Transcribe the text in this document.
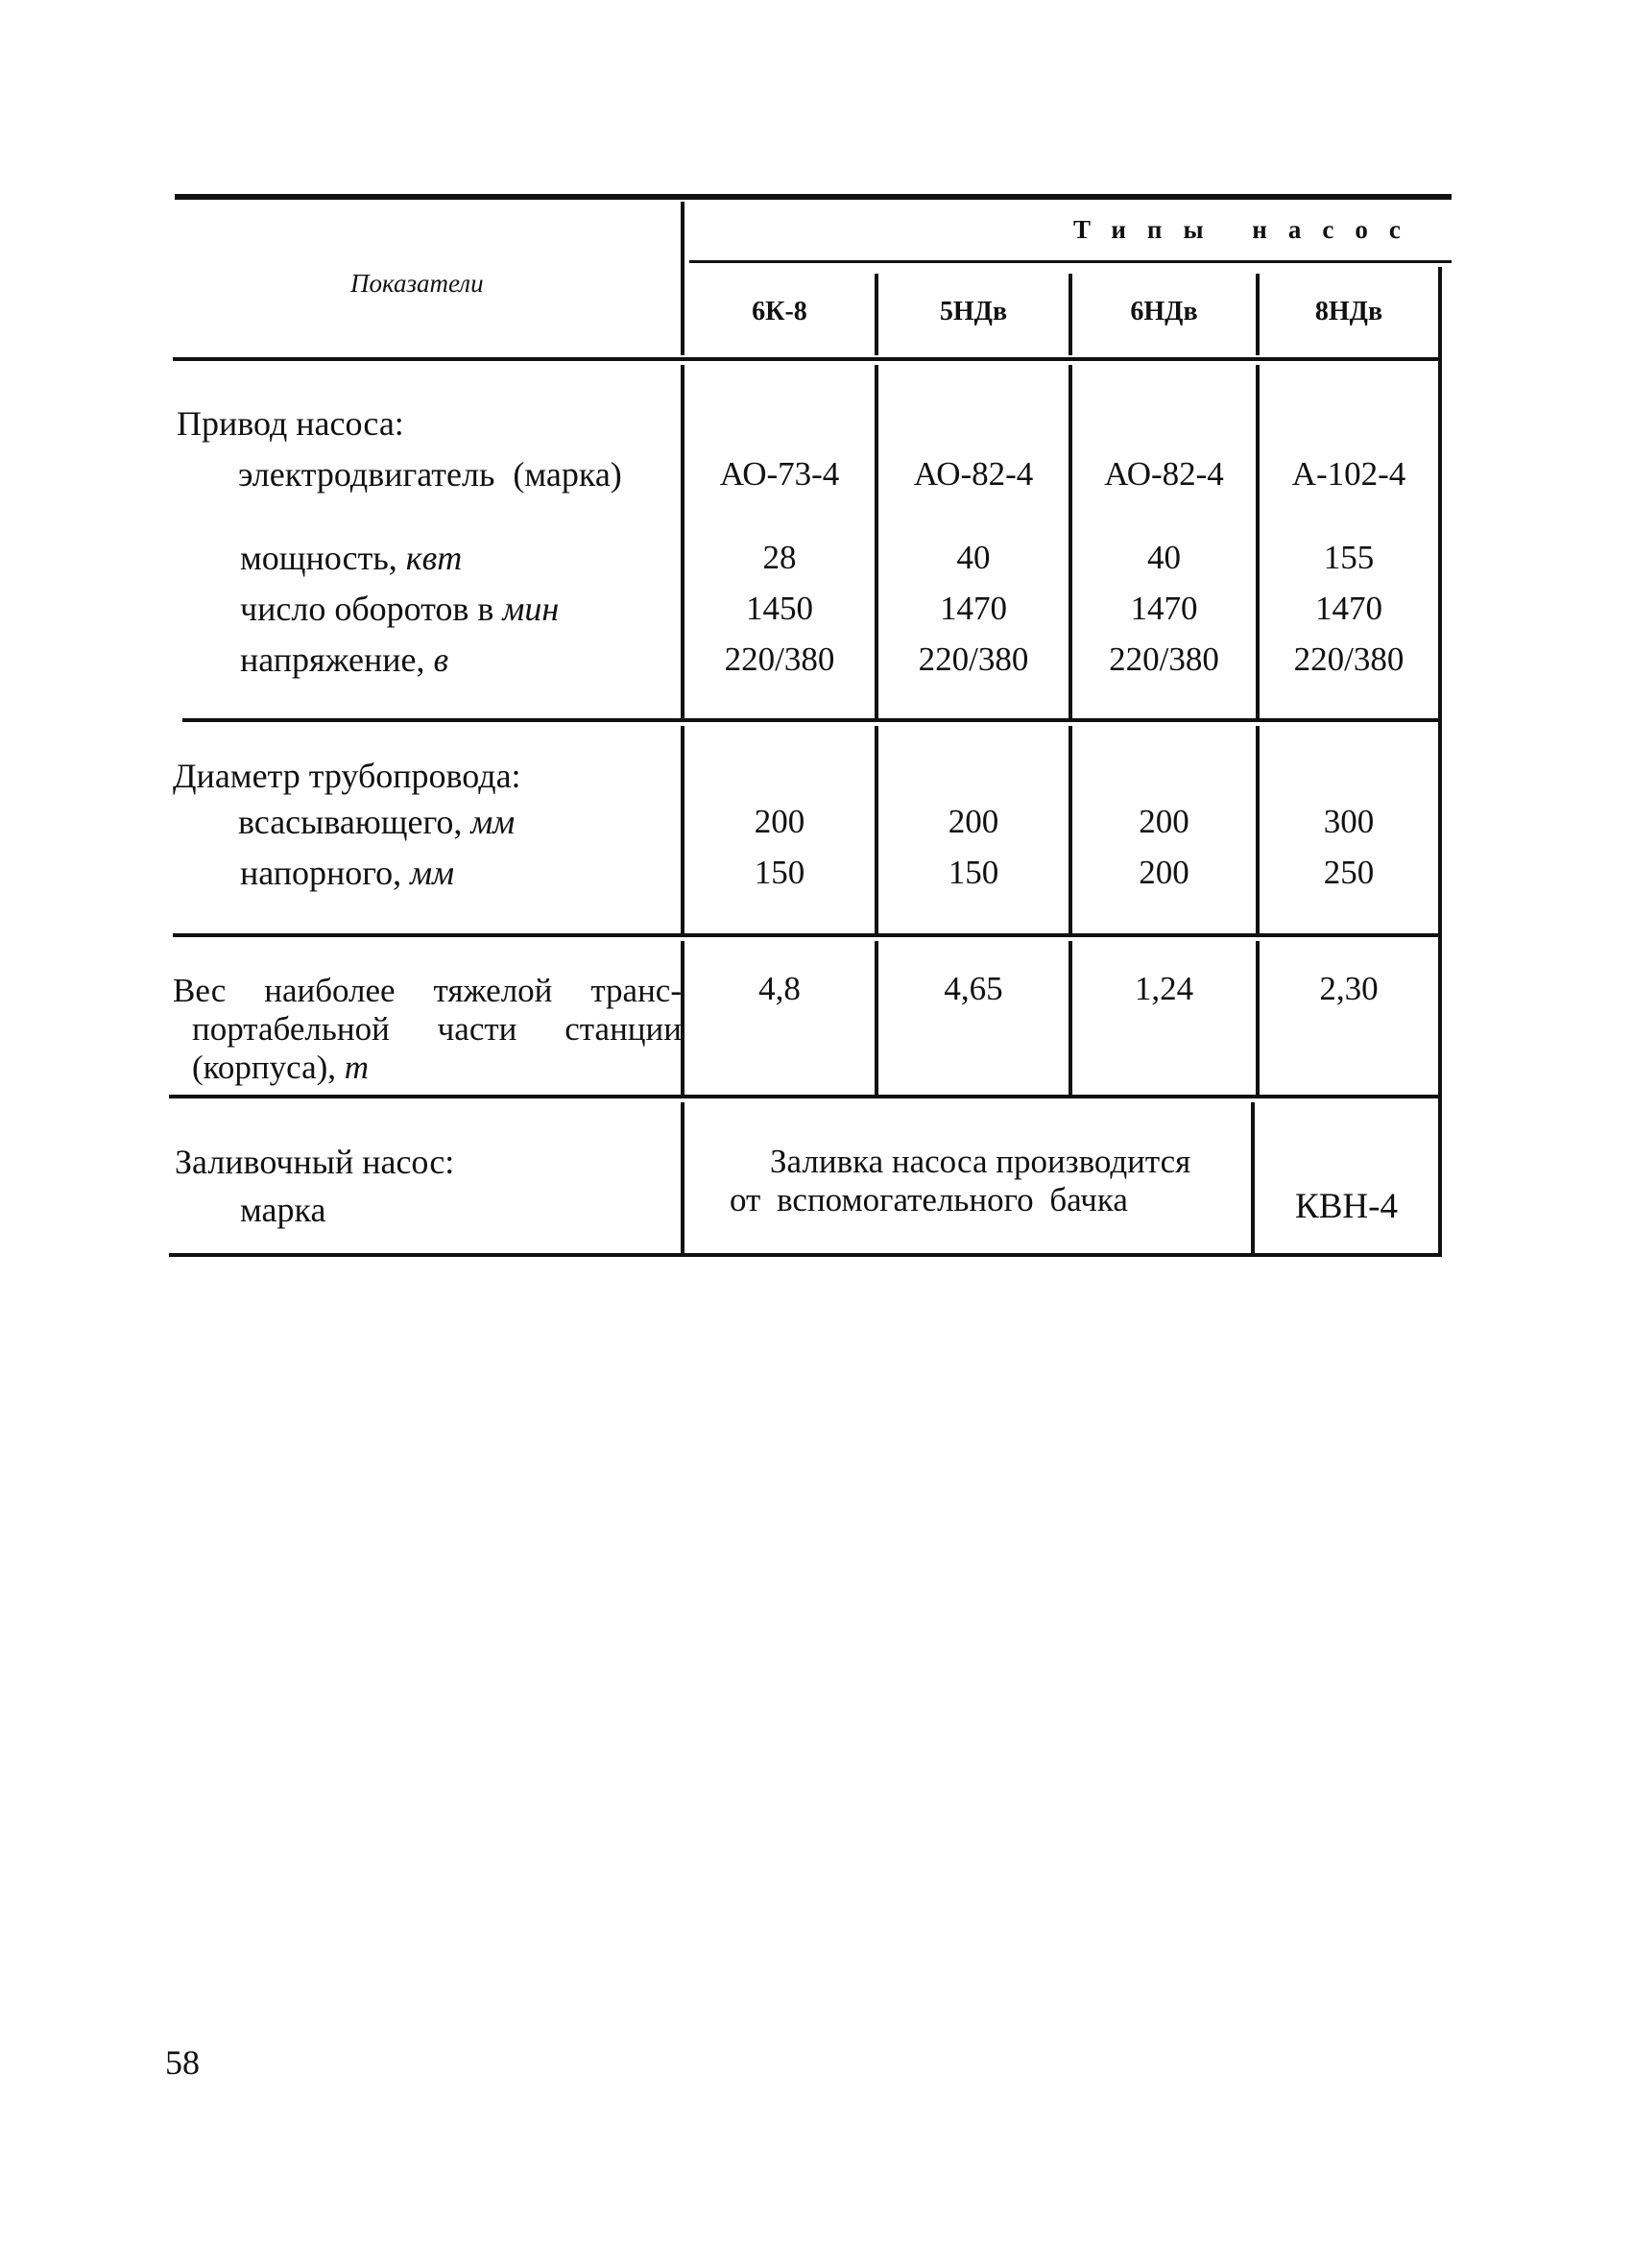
Показатели
Типы насос
6К-8	5НДв	6НДв	8НДв
Привод насоса:
электродвигатель (марка)	АО-73-4	АО-82-4	АО-82-4	А-102-4
мощность, квт	28	40	40	155
число оборотов в мин	1450	1470	1470	1470
напряжение, в	220/380	220/380	220/380	220/380
Диаметр трубопровода:
всасывающего, мм	200	200	200	300
напорного, мм	150	150	200	250
Вес наиболее тяжелой транс-
портабельной части станции
(корпуса), т
4,8	4,65	1,24	2,30
Заливочный насос:
марка
Заливка насоса производится
от вспомогательного бачка	КВН-4
58
